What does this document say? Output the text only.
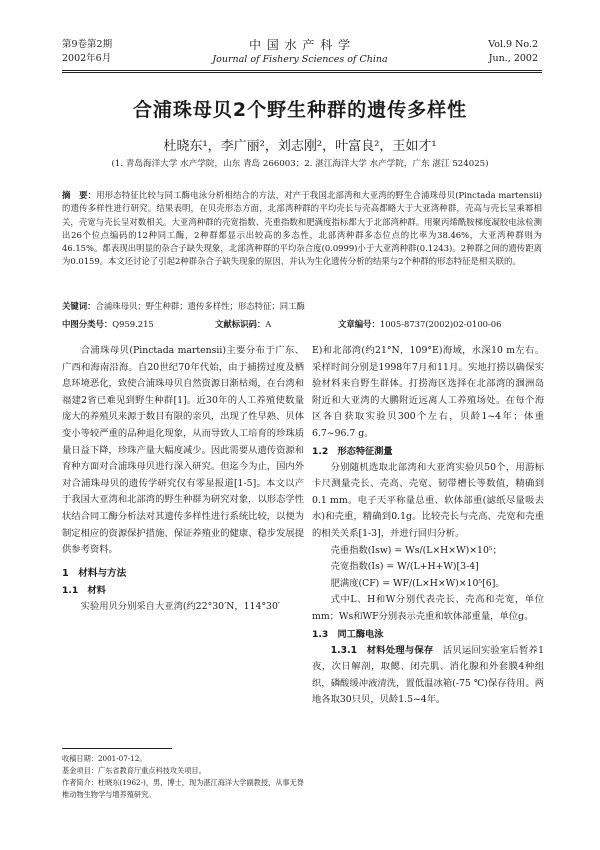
第9卷第2期
2002年6月
中 国 水 产 科 学
Journal of Fishery Sciences of China
Vol.9 No.2
Jun., 2002
合浦珠母贝2个野生种群的遗传多样性
杜晓东¹，李广丽²，刘志刚²，叶富良²，王如才¹
(1. 青岛海洋大学 水产学院，山东 青岛 266003；2. 湛江海洋大学 水产学院，广东 湛江 524025)
摘　要：用形态特征比较与同工酶电泳分析相结合的方法，对产于我国北部湾和大亚湾的野生合浦珠母贝(Pinctada martensii)的遗传多样性进行研究。结果表明，在贝壳形态方面，北部湾种群的平均壳长与壳高都略大于大亚湾种群，壳高与壳长呈乘幂相关，壳宽与壳长呈对数相关。大亚湾种群的壳宽指数、壳重指数和肥满度指标都大于北部湾种群。用聚丙烯酰胺梯度凝胶电泳检测出26个位点编码的12种同工酶，2种群都显示出较高的多态性，北部湾种群多态位点的比率为38.46%，大亚湾种群则为46.15%。都表现出明显的杂合子缺失现象，北部湾种群的平均杂合度(0.0999)小于大亚湾种群(0.1243)。2种群之间的遗传距离为0.0159。本文还讨论了引起2种群杂合子缺失现象的原因，并认为生化遗传分析的结果与2个种群的形态特征是相关联的。
关键词：合浦珠母贝；野生种群；遗传多样性；形态特征；同工酶
中图分类号：Q959.215	文献标识码：A	文章编号：1005-8737(2002)02-0100-06

合浦珠母贝(Pinctada martensii)主要分布于广东、广西和海南沿海。自20世纪70年代始，由于捕捞过度及栖息环境恶化，致使合浦珠母贝自然资源日渐枯竭，在台湾和福建2省已难见到野生种群[1]。近30年的人工养殖使数量庞大的养殖贝来源于数目有限的亲贝，出现了性早熟、贝体变小等较严重的品种退化现象，从而导致人工培育的珍珠质量日益下降，珍珠产量大幅度减少。因此需要从遗传资源和育种方面对合浦珠母贝进行深入研究。但迄今为止，国内外对合浦珠母贝的遗传学研究仅有零星报道[1-5]。本文以产于我国大亚湾和北部湾的野生种群为研究对象，以形态学性状结合同工酶分析法对其遗传多样性进行系统比较，以便为制定相应的资源保护措施、保证养殖业的健康、稳步发展提供参考资料。

1　材料与方法
1.1　材料

实验用贝分别采自大亚湾(约22°30′N，114°30′

收稿日期：2001-07-12。
基金项目：广东省教育厅重点科技攻关项目。
作者简介：杜晓东(1962-)，男，博士，现为湛江海洋大学副教授，从事无脊椎动物生物学与增养殖研究。

E)和北部湾(约21°N，109°E)海域，水深10 m左右。采样时间分别是1998年7月和11月。实地打捞以确保实验材料来自野生群体。打捞海区选择在北部湾的涠洲岛附近和大亚湾的大鹏附近远离人工养殖场处。在每个海区各自获取实验贝300个左右，贝龄1~4年；体重6.7~96.7 g。

1.2　形态特征測量

分别随机选取北部湾和大亚湾实验贝50个，用游标卡尺测量壳长、壳高、壳宽、韧带槽长等数值，精确到0.1 mm。电子天平称量总重、软体部重(滤纸尽量吸去水)和壳重，精确到0.1g。比较壳长与壳高、壳宽和壳重的相关关系[1-3]，并进行回归分析。

壳重指数(Isw) = Ws/(L×H×W)×10⁵；
壳宽指数(Is) = W/(L+H+W)[3-4]
肥满度(CF) = WF/(L×H×W)×10⁵[6]。

式中L、H和W分别代表壳长、壳高和壳宽，单位mm；Ws和WF分别表示壳重和软体部重量，单位g。

1.3　同工酶电泳

1.3.1　材料处理与保存　 活贝运回实验室后暂养1夜，次日解剖，取鳃、闭壳肌、消化腺和外套膜4种组织，磷酸缓冲液清洗，置低温冰箱(-75 ℃)保存待用。两地各取30只贝，贝龄1.5~4年。
